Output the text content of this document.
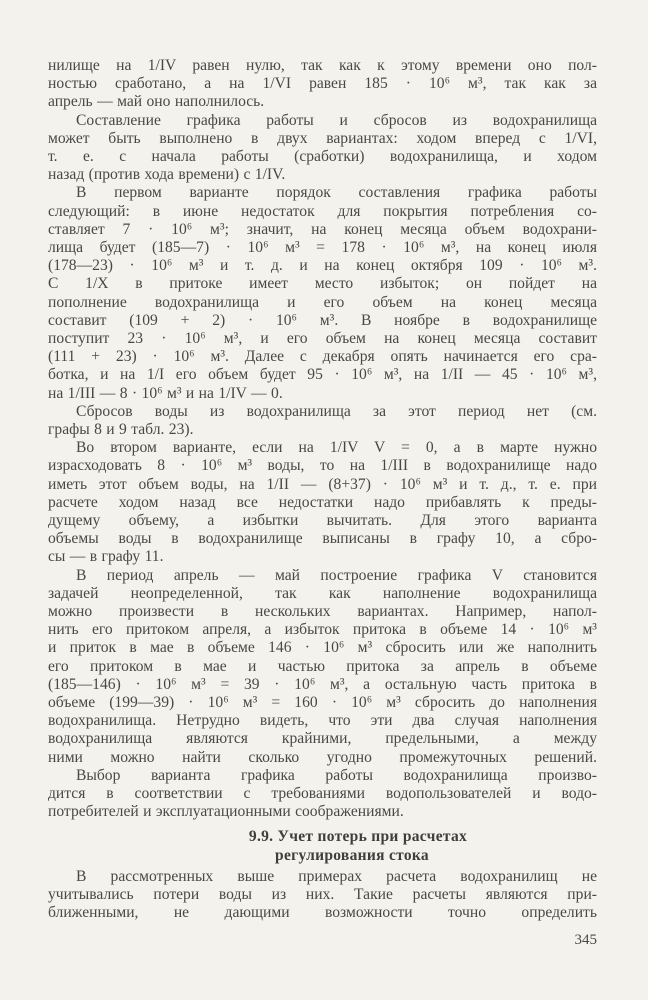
нилище на 1/IV равен нулю, так как к этому времени оно пол-
ностью сработано, а на 1/VI равен 185 · 10⁶ м³, так как за
апрель — май оно наполнилось.
Составление графика работы и сбросов из водохранилища
может быть выполнено в двух вариантах: ходом вперед с 1/VI,
т. е. с начала работы (сработки) водохранилища, и ходом
назад (против хода времени) с 1/IV.
В первом варианте порядок составления графика работы
следующий: в июне недостаток для покрытия потребления со-
ставляет 7 · 10⁶ м³; значит, на конец месяца объем водохрани-
лища будет (185—7) · 10⁶ м³ = 178 · 10⁶ м³, на конец июля
(178—23) · 10⁶ м³ и т. д. и на конец октября 109 · 10⁶ м³.
С 1/X в притоке имеет место избыток; он пойдет на
пополнение водохранилища и его объем на конец месяца
составит (109 + 2) · 10⁶ м³. В ноябре в водохранилище
поступит 23 · 10⁶ м³, и его объем на конец месяца составит
(111 + 23) · 10⁶ м³. Далее с декабря опять начинается его сра-
ботка, и на 1/I его объем будет 95 · 10⁶ м³, на 1/II — 45 · 10⁶ м³,
на 1/III — 8 · 10⁶ м³ и на 1/IV — 0.
Сбросов воды из водохранилища за этот период нет (см.
графы 8 и 9 табл. 23).
Во втором варианте, если на 1/IV V = 0, а в марте нужно
израсходовать 8 · 10⁶ м³ воды, то на 1/III в водохранилище надо
иметь этот объем воды, на 1/II — (8+37) · 10⁶ м³ и т. д., т. е. при
расчете ходом назад все недостатки надо прибавлять к преды-
дущему объему, а избытки вычитать. Для этого варианта
объемы воды в водохранилище выписаны в графу 10, а сбро-
сы — в графу 11.
В период апрель — май построение графика V становится
задачей неопределенной, так как наполнение водохранилища
можно произвести в нескольких вариантах. Например, напол-
нить его притоком апреля, а избыток притока в объеме 14 · 10⁶ м³
и приток в мае в объеме 146 · 10⁶ м³ сбросить или же наполнить
его притоком в мае и частью притока за апрель в объеме
(185—146) · 10⁶ м³ = 39 · 10⁶ м³, а остальную часть притока в
объеме (199—39) · 10⁶ м³ = 160 · 10⁶ м³ сбросить до наполнения
водохранилища. Нетрудно видеть, что эти два случая наполнения
водохранилища являются крайними, предельными, а между
ними можно найти сколько угодно промежуточных решений.
Выбор варианта графика работы водохранилища произво-
дится в соответствии с требованиями водопользователей и водо-
потребителей и эксплуатационными соображениями.
9.9. Учет потерь при расчетах
регулирования стока
В рассмотренных выше примерах расчета водохранилищ не
учитывались потери воды из них. Такие расчеты являются при-
ближенными, не дающими возможности точно определить
345
